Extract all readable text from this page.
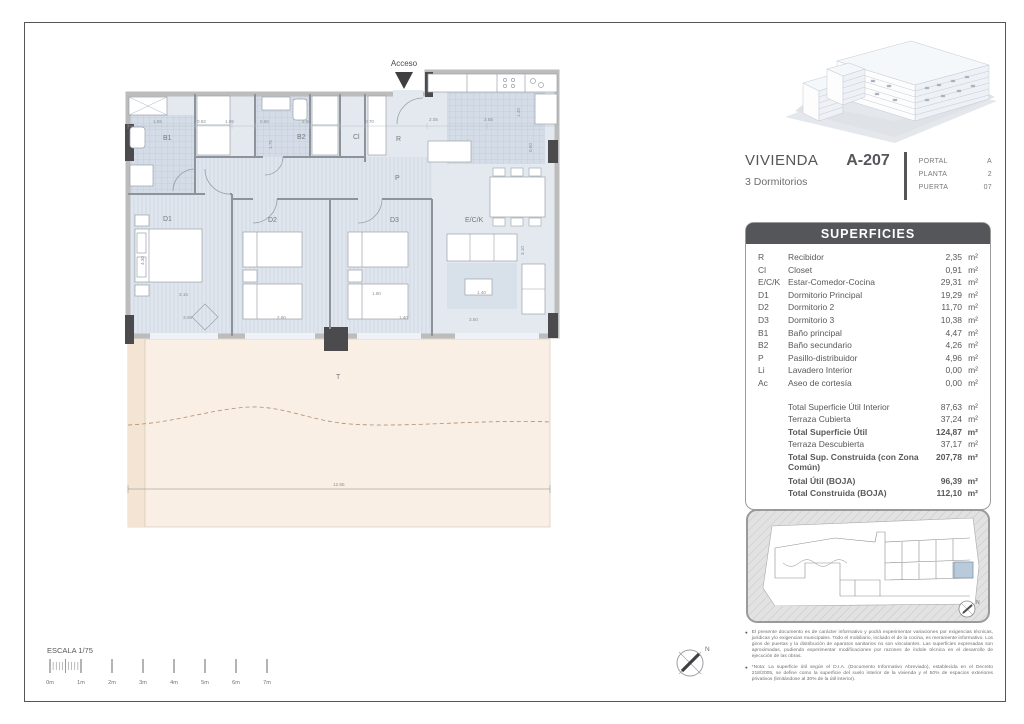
12.85
T
Acceso
B1	B2	Cl	R
P
D1	D2	D3	E/C/K
1.55	0.82	1.05	0.60	2.50	0.70	2.05	2.55
1.40
0.60
1.75
4.30
3.15
3.08	2.80
1.80
1.40
1.40
3.10
3.50
VIVIENDA A-207
3 Dormitorios
PORTAL	A
PLANTA	2
PUERTA	07
SUPERFICIES
R	Recibidor	2,35 m²
Cl	Closet	0,91 m²
E/C/K Estar-Comedor-Cocina	29,31 m²
D1	Dormitorio Principal	19,29 m²
D2	Dormitorio 2	11,70 m²
D3	Dormitorio 3	10,38 m²
B1	Baño principal	4,47 m²
B2	Baño secundario	4,26 m²
P	Pasillo-distribuidor	4,96 m²
Li	Lavadero Interior	0,00 m²
Ac	Aseo de cortesía	0,00 m²
Total Superficie Útil Interior	87,63 m²
Terraza Cubierta	37,24 m²
Total Superficie Útil	124,87 m²
Terraza Descubierta	37,17 m²
Total Sup. Construida (con Zona Común)
207,78 m²
Total Útil (BOJA)	96,39 m²
Total Construida (BOJA)	112,10 m²
N
● El presente documento es de carácter informativo y podrá experimentar variaciones por exigencias técnicas, jurídicas y/o exigencias municipales. Todo el mobiliario, incluido el de la cocina, es meramente informativo. Los giros de puertas y la distribución de aparatos sanitarios no son vinculantes. Las superficies expresadas son aproximadas, pudiendo experimentar modificaciones por razones de índole técnica en el desarrollo de ejecución de las obras.
● *Nota: La superficie útil según el D.I.A. (Documento Informativo Abreviado), establecida en el Decreto 218/2005, se define como la superficie del suelo interior de la vivienda y el 50% de espacios exteriores privativos (limitándose al 30% de la útil interior).
ESCALA 1/75
0m	1m	2m	3m	4m	5m	6m	7m
N
